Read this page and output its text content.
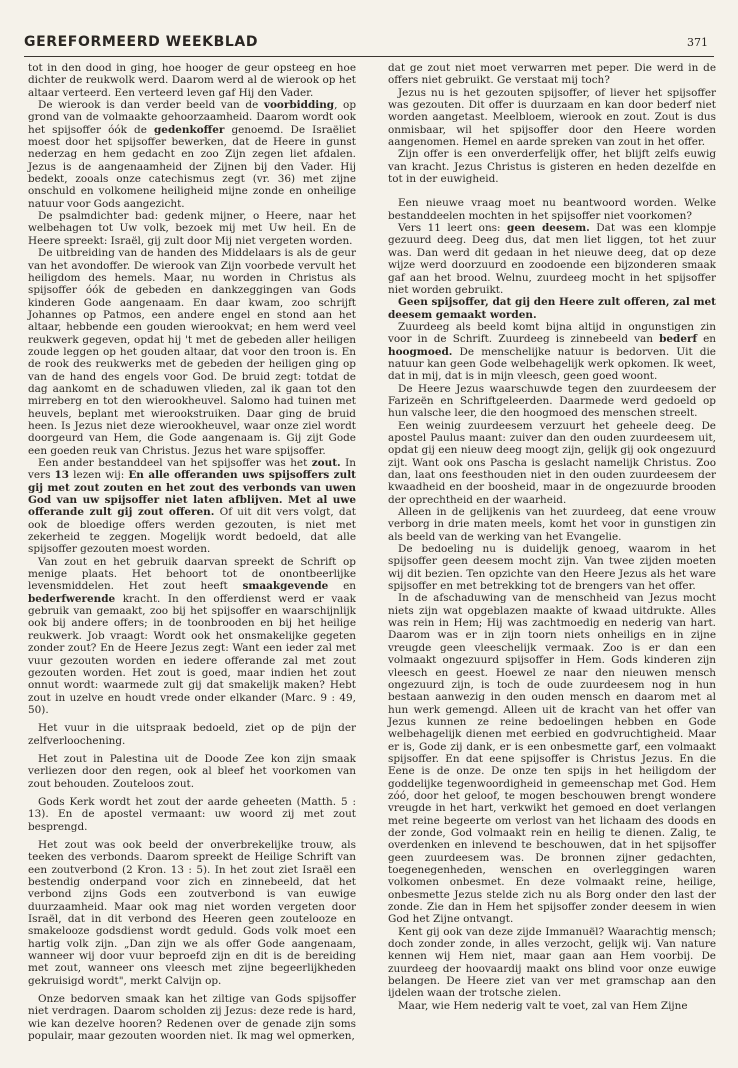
GEREFORMEERD WEEKBLAD	371

tot in den dood in ging, hoe hooger de geur opsteeg en hoe dichter de reukwolk werd. Daarom werd al de wierook op het altaar verteerd. Een verteerd leven gaf Hij den Vader.

De wierook is dan verder beeld van de voorbidding, op grond van de volmaakte gehoorzaamheid. Daarom wordt ook het spijsoffer óók de gedenkoffer genoemd. De Israëliet moest door het spijsoffer bewerken, dat de Heere in gunst nederzag en hem gedacht en zoo Zijn zegen liet afdalen. Jezus is de aangenaamheid der Zijnen bij den Vader. Hij bedekt, zooals onze catechismus zegt (vr. 36) met zijne onschuld en volkomene heiligheid mijne zonde en onheilige natuur voor Gods aangezicht.

De psalmdichter bad: gedenk mijner, o Heere, naar het welbehagen tot Uw volk, bezoek mij met Uw heil. En de Heere spreekt: Israël, gij zult door Mij niet vergeten worden.

De uitbreiding van de handen des Middelaars is als de geur van het avondoffer. De wierook van Zijn voorbede vervult het heiligdom des hemels. Maar, nu worden in Christus als spijsoffer óók de gebeden en dankzeggingen van Gods kinderen Gode aangenaam. En daar kwam, zoo schrijft Johannes op Patmos, een andere engel en stond aan het altaar, hebbende een gouden wierookvat; en hem werd veel reukwerk gegeven, opdat hij 't met de gebeden aller heiligen zoude leggen op het gouden altaar, dat voor den troon is. En de rook des reukwerks met de gebeden der heiligen ging op van de hand des engels voor God. De bruid zegt: totdat de dag aankomt en de schaduwen vlieden, zal ik gaan tot den mirreberg en tot den wierookheuvel. Salomo had tuinen met heuvels, beplant met wierookstruiken. Daar ging de bruid heen. Is Jezus niet deze wierookheuvel, waar onze ziel wordt doorgeurd van Hem, die Gode aangenaam is. Gij zijt Gode een goeden reuk van Christus. Jezus het ware spijsoffer.

Een ander bestanddeel van het spijsoffer was het zout. In vers 13 lezen wij: En alle offeranden uws spijsoffers zult gij met zout zouten en het zout des verbonds van uwen God van uw spijsoffer niet laten afblijven. Met al uwe offerande zult gij zout offeren. Of uit dit vers volgt, dat ook de bloedige offers werden gezouten, is niet met zekerheid te zeggen. Mogelijk wordt bedoeld, dat alle spijsoffer gezouten moest worden.

Van zout en het gebruik daarvan spreekt de Schrift op menige plaats. Het behoort tot de onontbeerlijke levensmiddelen. Het zout heeft smaakgevende en bederfwerende kracht. In den offerdienst werd er vaak gebruik van gemaakt, zoo bij het spijsoffer en waarschijnlijk ook bij andere offers; in de toonbrooden en bij het heilige reukwerk. Job vraagt: Wordt ook het onsmakelijke gegeten zonder zout? En de Heere Jezus zegt: Want een ieder zal met vuur gezouten worden en iedere offerande zal met zout gezouten worden. Het zout is goed, maar indien het zout onnut wordt: waarmede zult gij dat smakelijk maken? Hebt zout in uzelve en houdt vrede onder elkander (Marc. 9 : 49, 50).

Het vuur in die uitspraak bedoeld, ziet op de pijn der zelfverloochening.

Het zout in Palestina uit de Doode Zee kon zijn smaak verliezen door den regen, ook al bleef het voorkomen van zout behouden. Zouteloos zout.

Gods Kerk wordt het zout der aarde geheeten (Matth. 5 : 13). En de apostel vermaant: uw woord zij met zout besprengd.

Het zout was ook beeld der onverbrekelijke trouw, als teeken des verbonds. Daarom spreekt de Heilige Schrift van een zoutverbond (2 Kron. 13 : 5). In het zout ziet Israël een bestendig onderpand voor zich en zinnebeeld, dat het verbond zijns Gods een zoutverbond is van euwige duurzaamheid. Maar ook mag niet worden vergeten door Israël, dat in dit verbond des Heeren geen zoutelooze en smakelooze godsdienst wordt geduld. Gods volk moet een hartig volk zijn. „Dan zijn we als offer Gode aangenaam, wanneer wij door vuur beproefd zijn en dit is de bereiding met zout, wanneer ons vleesch met zijne begeerlijkheden gekruisigd wordt", merkt Calvijn op.

Onze bedorven smaak kan het ziltige van Gods spijsoffer niet verdragen. Daarom scholden zij Jezus: deze rede is hard, wie kan dezelve hooren? Redenen over de genade zijn soms populair, maar gezouten woorden niet. Ik mag wel opmerken,

dat ge zout niet moet verwarren met peper. Die werd in de offers niet gebruikt. Ge verstaat mij toch?

Jezus nu is het gezouten spijsoffer, of liever het spijsoffer was gezouten. Dit offer is duurzaam en kan door bederf niet worden aangetast. Meelbloem, wierook en zout. Zout is dus onmisbaar, wil het spijsoffer door den Heere worden aangenomen. Hemel en aarde spreken van zout in het offer.

Zijn offer is een onverderfelijk offer, het blijft zelfs euwig van kracht. Jezus Christus is gisteren en heden dezelfde en tot in der euwigheid.

Een nieuwe vraag moet nu beantwoord worden. Welke bestanddeelen mochten in het spijsoffer niet voorkomen?

Vers 11 leert ons: geen deesem. Dat was een klompje gezuurd deeg. Deeg dus, dat men liet liggen, tot het zuur was. Dan werd dit gedaan in het nieuwe deeg, dat op deze wijze werd doorzuurd en zoodoende een bijzonderen smaak gaf aan het brood. Welnu, zuurdeeg mocht in het spijsoffer niet worden gebruikt.

Geen spijsoffer, dat gij den Heere zult offeren, zal met deesem gemaakt worden.

Zuurdeeg als beeld komt bijna altijd in ongunstigen zin voor in de Schrift. Zuurdeeg is zinnebeeld van bederf en hoogmoed. De menschelijke natuur is bedorven. Uit die natuur kan geen Gode welbehagelijk werk opkomen. Ik weet, dat in mij, dat is in mijn vleesch, geen goed woont.

De Heere Jezus waarschuwde tegen den zuurdeesem der Farizeën en Schriftgeleerden. Daarmede werd gedoeld op hun valsche leer, die den hoogmoed des menschen streelt.

Een weinig zuurdeesem verzuurt het geheele deeg. De apostel Paulus maant: zuiver dan den ouden zuurdeesem uit, opdat gij een nieuw deeg moogt zijn, gelijk gij ook ongezuurd zijt. Want ook ons Pascha is geslacht namelijk Christus. Zoo dan, laat ons feesthouden niet in den ouden zuurdeesem der kwaadheid en der boosheid, maar in de ongezuurde brooden der oprechtheid en der waarheid.

Alleen in de gelijkenis van het zuurdeeg, dat eene vrouw verborg in drie maten meels, komt het voor in gunstigen zin als beeld van de werking van het Evangelie.

De bedoeling nu is duidelijk genoeg, waarom in het spijsoffer geen deesem mocht zijn. Van twee zijden moeten wij dit bezien. Ten opzichte van den Heere Jezus als het ware spijsoffer en met betrekking tot de brengers van het offer.

In de afschaduwing van de menschheid van Jezus mocht niets zijn wat opgeblazen maakte of kwaad uitdrukte. Alles was rein in Hem; Hij was zachtmoedig en nederig van hart. Daarom was er in zijn toorn niets onheiligs en in zijne vreugde geen vleeschelijk vermaak. Zoo is er dan een volmaakt ongezuurd spijsoffer in Hem. Gods kinderen zijn vleesch en geest. Hoewel ze naar den nieuwen mensch ongezuurd zijn, is toch de oude zuurdeesem nog in hun bestaan aanwezig in den ouden mensch en daarom met al hun werk gemengd. Alleen uit de kracht van het offer van Jezus kunnen ze reine bedoelingen hebben en Gode welbehagelijk dienen met eerbied en godvruchtigheid. Maar er is, Gode zij dank, er is een onbesmette garf, een volmaakt spijsoffer. En dat eene spijsoffer is Christus Jezus. En die Eene is de onze. De onze ten spijs in het heiligdom der goddelijke tegenwoordigheid in gemeenschap met God. Hem zóó, door het geloof, te mogen beschouwen brengt wondere vreugde in het hart, verkwikt het gemoed en doet verlangen met reine begeerte om verlost van het lichaam des doods en der zonde, God volmaakt rein en heilig te dienen. Zalig, te overdenken en inlevend te beschouwen, dat in het spijsoffer geen zuurdeesem was. De bronnen zijner gedachten, toegenegenheden, wenschen en overleggingen waren volkomen onbesmet. En deze volmaakt reine, heilige, onbesmette Jezus stelde zich nu als Borg onder den last der zonde. Zie dan in Hem het spijsoffer zonder deesem in wien God het Zijne ontvangt.

Kent gij ook van deze zijde Immanuël? Waarachtig mensch; doch zonder zonde, in alles verzocht, gelijk wij. Van nature kennen wij Hem niet, maar gaan aan Hem voorbij. De zuurdeeg der hoovaardij maakt ons blind voor onze euwige belangen. De Heere ziet van ver met gramschap aan den ijdelen waan der trotsche zielen.

Maar, wie Hem nederig valt te voet, zal van Hem Zijne
